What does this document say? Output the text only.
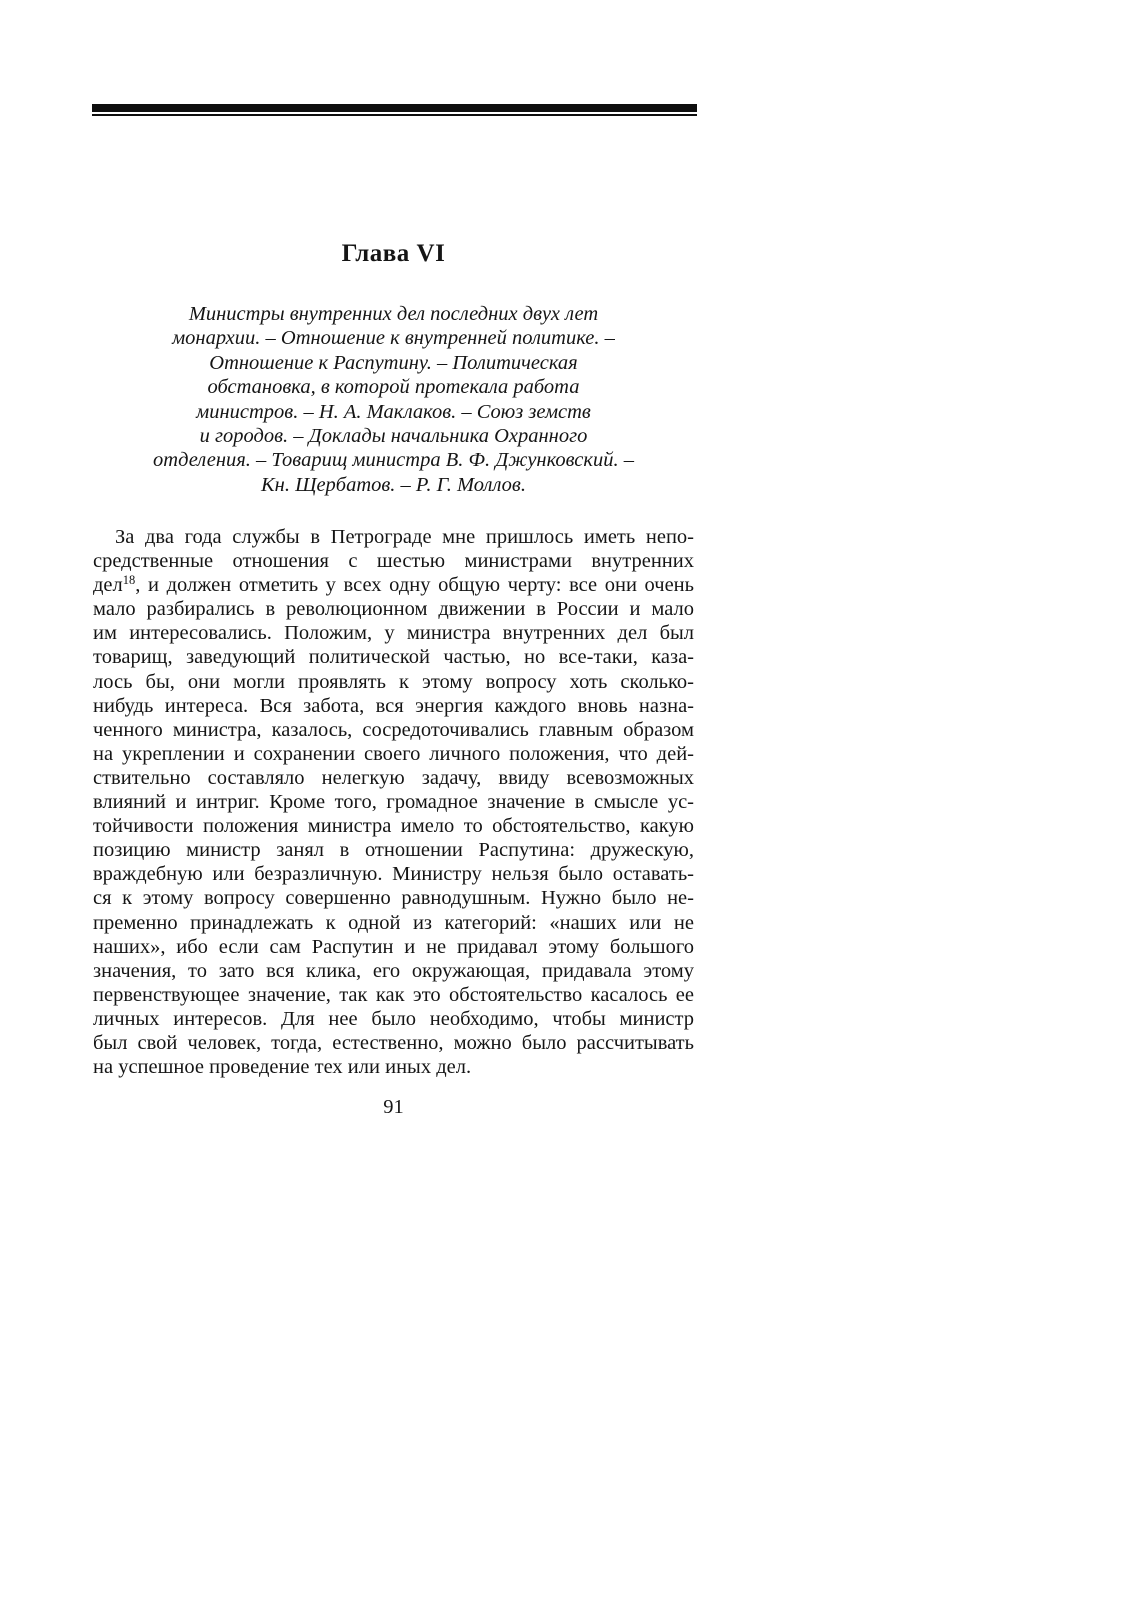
Глава VI
Министры внутренних дел последних двух лет
монархии. – Отношение к внутренней политике. –
Отношение к Распутину. – Политическая
обстановка, в которой протекала работа
министров. – Н. А. Маклаков. – Союз земств
и городов. – Доклады начальника Охранного
отделения. – Товарищ министра В. Ф. Джунковский. –
Кн. Щербатов. – Р. Г. Моллов.
За два года службы в Петрограде мне пришлось иметь непо-
средственные отношения с шестью министрами внутренних
дел$^{18}$, и должен отметить у всех одну общую черту: все они очень
мало разбирались в революционном движении в России и мало
им интересовались. Положим, у министра внутренних дел был
товарищ, заведующий политической частью, но все-таки, каза-
лось бы, они могли проявлять к этому вопросу хоть сколько-
нибудь интереса. Вся забота, вся энергия каждого вновь назна-
ченного министра, казалось, сосредоточивались главным образом
на укреплении и сохранении своего личного положения, что дей-
ствительно составляло нелегкую задачу, ввиду всевозможных
влияний и интриг. Кроме того, громадное значение в смысле ус-
тойчивости положения министра имело то обстоятельство, какую
позицию министр занял в отношении Распутина: дружескую,
враждебную или безразличную. Министру нельзя было оставать-
ся к этому вопросу совершенно равнодушным. Нужно было не-
пременно принадлежать к одной из категорий: «наших или не
наших», ибо если сам Распутин и не придавал этому большого
значения, то зато вся клика, его окружающая, придавала этому
первенствующее значение, так как это обстоятельство касалось ее
личных интересов. Для нее было необходимо, чтобы министр
был свой человек, тогда, естественно, можно было рассчитывать
на успешное проведение тех или иных дел.
91
